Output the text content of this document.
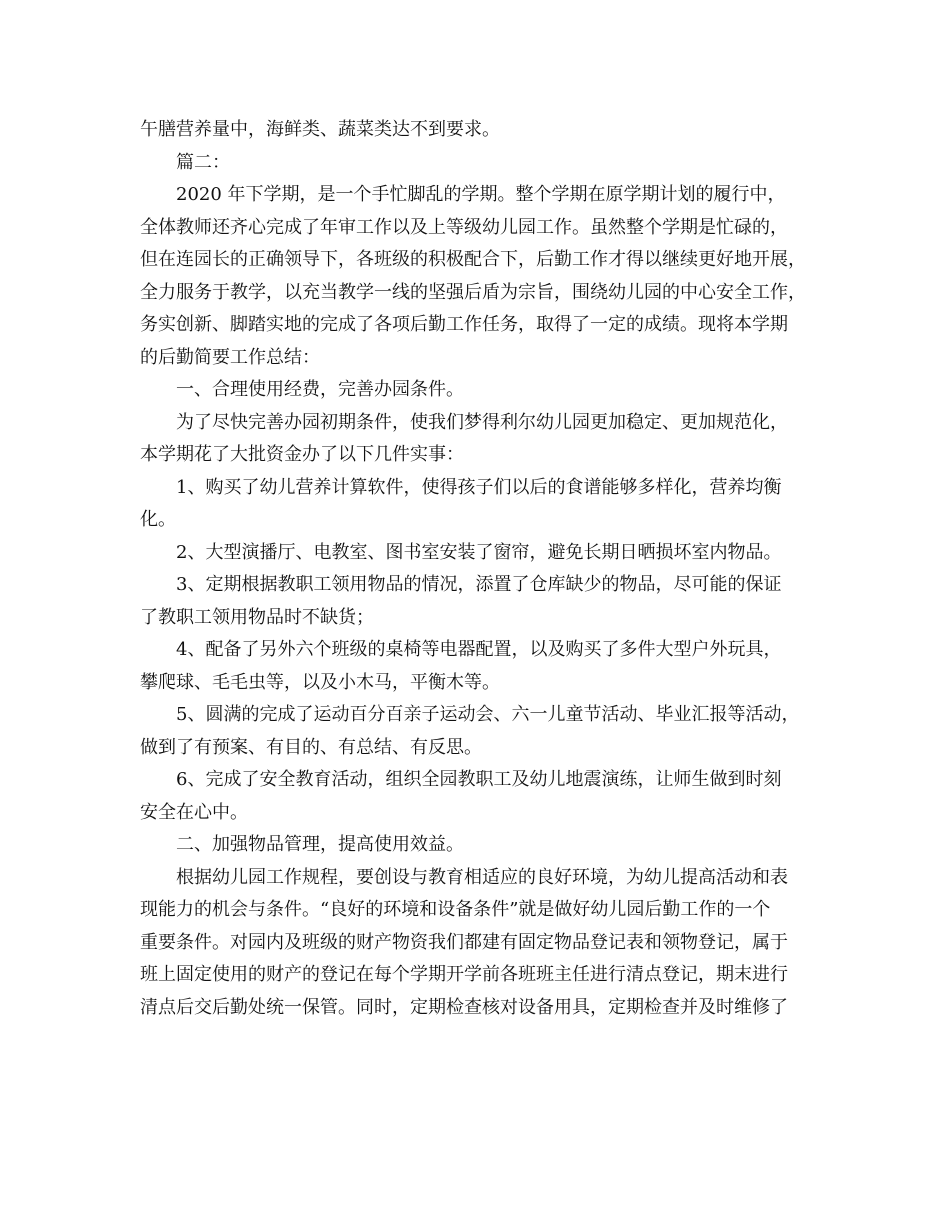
午膳营养量中，海鲜类、蔬菜类达不到要求。
篇二：
2020 年下学期，是一个手忙脚乱的学期。整个学期在原学期计划的履行中，
全体教师还齐心完成了年审工作以及上等级幼儿园工作。虽然整个学期是忙碌的，
但在连园长的正确领导下，各班级的积极配合下，后勤工作才得以继续更好地开展，
全力服务于教学，以充当教学一线的坚强后盾为宗旨，围绕幼儿园的中心安全工作，
务实创新、脚踏实地的完成了各项后勤工作任务，取得了一定的成绩。现将本学期
的后勤简要工作总结：
一、合理使用经费，完善办园条件。
为了尽快完善办园初期条件，使我们梦得利尔幼儿园更加稳定、更加规范化，
本学期花了大批资金办了以下几件实事：
1、购买了幼儿营养计算软件，使得孩子们以后的食谱能够多样化，营养均衡
化。
2、大型演播厅、电教室、图书室安装了窗帘，避免长期日晒损坏室内物品。
3、定期根据教职工领用物品的情况，添置了仓库缺少的物品，尽可能的保证
了教职工领用物品时不缺货；
4、配备了另外六个班级的桌椅等电器配置，以及购买了多件大型户外玩具，
攀爬球、毛毛虫等，以及小木马，平衡木等。
5、圆满的完成了运动百分百亲子运动会、六一儿童节活动、毕业汇报等活动，
做到了有预案、有目的、有总结、有反思。
6、完成了安全教育活动，组织全园教职工及幼儿地震演练，让师生做到时刻
安全在心中。
二、加强物品管理，提高使用效益。
根据幼儿园工作规程，要创设与教育相适应的良好环境，为幼儿提高活动和表
现能力的机会与条件。“良好的环境和设备条件”就是做好幼儿园后勤工作的一个
重要条件。对园内及班级的财产物资我们都建有固定物品登记表和领物登记，属于
班上固定使用的财产的登记在每个学期开学前各班班主任进行清点登记，期末进行
清点后交后勤处统一保管。同时，定期检查核对设备用具，定期检查并及时维修了
